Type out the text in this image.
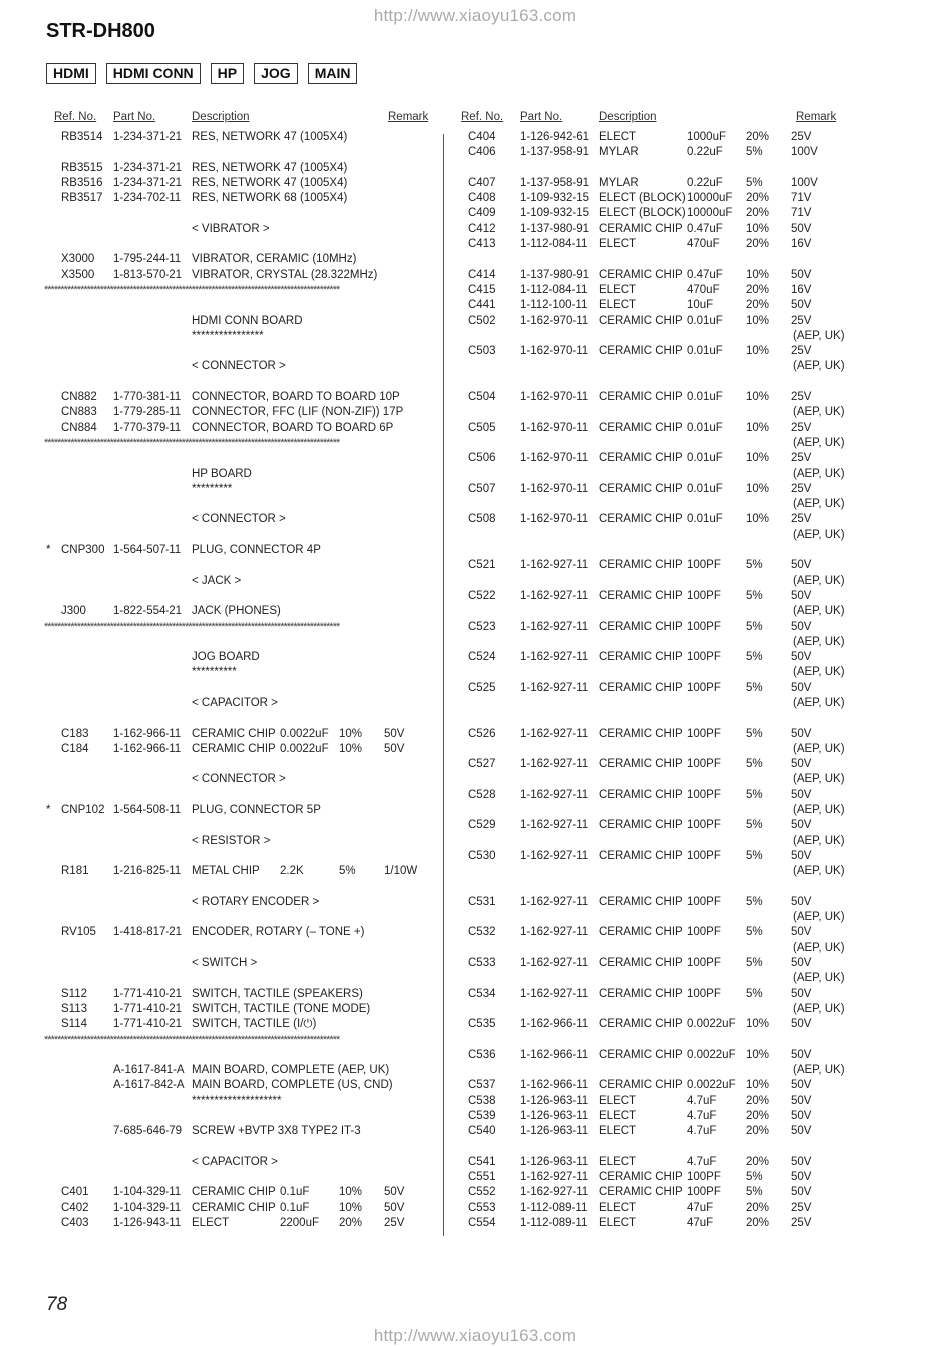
http://www.xiaoyu163.com
STR-DH800
HDMI	HDMI CONN	HP	JOG	MAIN

Ref. No. Part No.	Description	Remark
RB3514 1-234-371-21 RES, NETWORK 47 (1005X4)
RB3515 1-234-371-21 RES, NETWORK 47 (1005X4)
RB3516 1-234-371-21 RES, NETWORK 47 (1005X4)
RB3517 1-234-702-11 RES, NETWORK 68 (1005X4)
< VIBRATOR >
X3000 1-795-244-11 VIBRATOR, CERAMIC (10MHz)
X3500 1-813-570-21 VIBRATOR, CRYSTAL (28.322MHz)
******************************************************************************************
HDMI CONN BOARD
****************
< CONNECTOR >
CN882 1-770-381-11 CONNECTOR, BOARD TO BOARD 10P
CN883 1-779-285-11 CONNECTOR, FFC (LIF (NON-ZIF)) 17P
CN884 1-770-379-11 CONNECTOR, BOARD TO BOARD 6P
******************************************************************************************
HP BOARD
*********
< CONNECTOR >
* CNP300 1-564-507-11 PLUG, CONNECTOR 4P
< JACK >
J300 1-822-554-21 JACK (PHONES)
******************************************************************************************
JOG BOARD
**********
< CAPACITOR >
C183 1-162-966-11 CERAMIC CHIP 0.0022uF 10% 50V
C184 1-162-966-11 CERAMIC CHIP 0.0022uF 10% 50V
< CONNECTOR >
* CNP102 1-564-508-11 PLUG, CONNECTOR 5P
< RESISTOR >
R181 1-216-825-11 METAL CHIP 2.2K	5% 1/10W
< ROTARY ENCODER >
RV105 1-418-817-21 ENCODER, ROTARY (– TONE +)
< SWITCH >
S112 1-771-410-21 SWITCH, TACTILE (SPEAKERS)
S113 1-771-410-21 SWITCH, TACTILE (TONE MODE)
S114 1-771-410-21 SWITCH, TACTILE (I/⏻)
******************************************************************************************
A-1617-841-A MAIN BOARD, COMPLETE (AEP, UK)
A-1617-842-A MAIN BOARD, COMPLETE (US, CND)
********************
7-685-646-79 SCREW +BVTP 3X8 TYPE2 IT-3
< CAPACITOR >
C401 1-104-329-11 CERAMIC CHIP 0.1uF	10% 50V
C402 1-104-329-11 CERAMIC CHIP 0.1uF	10% 50V
C403 1-126-943-11 ELECT	2200uF 20% 25V
Ref. No. Part No.	Description	Remark
C404 1-126-942-61 ELECT	1000uF 20% 25V
C406 1-137-958-91 MYLAR	0.22uF 5% 100V
C407 1-137-958-91 MYLAR	0.22uF 5% 100V
C408 1-109-932-15 ELECT (BLOCK) 10000uF 20% 71V
C409 1-109-932-15 ELECT (BLOCK) 10000uF 20% 71V
C412 1-137-980-91 CERAMIC CHIP 0.47uF 10% 50V
C413 1-112-084-11 ELECT	470uF 20% 16V
C414 1-137-980-91 CERAMIC CHIP 0.47uF 10% 50V
C415 1-112-084-11 ELECT	470uF 20% 16V
C441 1-112-100-11 ELECT	10uF	20% 50V
C502 1-162-970-11 CERAMIC CHIP 0.01uF 10% 25V
(AEP, UK)
C503 1-162-970-11 CERAMIC CHIP 0.01uF 10% 25V
(AEP, UK)
C504 1-162-970-11 CERAMIC CHIP 0.01uF 10% 25V
(AEP, UK)
C505 1-162-970-11 CERAMIC CHIP 0.01uF 10% 25V
(AEP, UK)
C506 1-162-970-11 CERAMIC CHIP 0.01uF 10% 25V
(AEP, UK)
C507 1-162-970-11 CERAMIC CHIP 0.01uF 10% 25V
(AEP, UK)
C508 1-162-970-11 CERAMIC CHIP 0.01uF 10% 25V
(AEP, UK)
C521 1-162-927-11 CERAMIC CHIP 100PF 5% 50V
(AEP, UK)
C522 1-162-927-11 CERAMIC CHIP 100PF 5% 50V
(AEP, UK)
C523 1-162-927-11 CERAMIC CHIP 100PF 5% 50V
(AEP, UK)
C524 1-162-927-11 CERAMIC CHIP 100PF 5% 50V
(AEP, UK)
C525 1-162-927-11 CERAMIC CHIP 100PF 5% 50V
(AEP, UK)
C526 1-162-927-11 CERAMIC CHIP 100PF 5% 50V
(AEP, UK)
C527 1-162-927-11 CERAMIC CHIP 100PF 5% 50V
(AEP, UK)
C528 1-162-927-11 CERAMIC CHIP 100PF 5% 50V
(AEP, UK)
C529 1-162-927-11 CERAMIC CHIP 100PF 5% 50V
(AEP, UK)
C530 1-162-927-11 CERAMIC CHIP 100PF 5% 50V
(AEP, UK)
C531 1-162-927-11 CERAMIC CHIP 100PF 5% 50V
(AEP, UK)
C532 1-162-927-11 CERAMIC CHIP 100PF 5% 50V
(AEP, UK)
C533 1-162-927-11 CERAMIC CHIP 100PF 5% 50V
(AEP, UK)
C534 1-162-927-11 CERAMIC CHIP 100PF 5% 50V
(AEP, UK)
C535 1-162-966-11 CERAMIC CHIP 0.0022uF 10% 50V
C536 1-162-966-11 CERAMIC CHIP 0.0022uF 10% 50V
(AEP, UK)
C537 1-162-966-11 CERAMIC CHIP 0.0022uF 10% 50V
C538 1-126-963-11 ELECT	4.7uF	20% 50V
C539 1-126-963-11 ELECT	4.7uF	20% 50V
C540 1-126-963-11 ELECT	4.7uF	20% 50V
C541 1-126-963-11 ELECT	4.7uF	20% 50V
C551 1-162-927-11 CERAMIC CHIP 100PF 5% 50V
C552 1-162-927-11 CERAMIC CHIP 100PF 5% 50V
C553 1-112-089-11 ELECT	47uF	20% 25V
C554 1-112-089-11 ELECT	47uF	20% 25V
78
http://www.xiaoyu163.com
